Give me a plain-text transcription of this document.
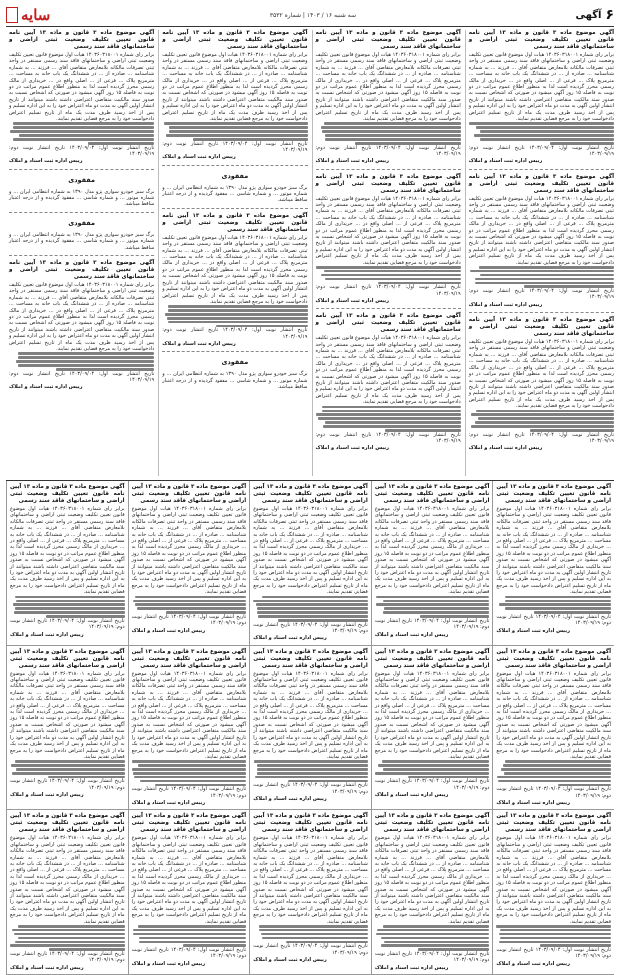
۶
آگهی
سه شنبه ۱۶ / ۱۴۰۳ | شماره ۳۵۳۲
سایه
آگهی موضوع ماده ۳ قانون و ماده ۱۳ آیین نامه قانون تعیین تکلیف وضعیت ثبتی اراضی و ساختمانهای فاقد سند رسمی
برابر رای شماره ۱۴۰۳۶۰۳۱۸۰۰۱ هیات اول موضوع قانون تعیین تکلیف وضعیت ثبتی اراضی و ساختمانهای فاقد سند رسمی مستقر در واحد ثبتی تصرفات مالکانه بلامعارض متقاضی آقای ... فرزند ... به شماره شناسنامه ... صادره از ... در ششدانگ یک باب خانه به مساحت ... مترمربع پلاک ... فرعی از ... اصلی واقع در ... خریداری از مالک رسمی محرز گردیده است لذا به منظور اطلاع عموم مراتب در دو نوبت به فاصله ۱۵ روز آگهی میشود در صورتی که اشخاص نسبت به صدور سند مالکیت متقاضی اعتراضی داشته باشند میتوانند از تاریخ انتشار اولین آگهی به مدت دو ماه اعتراض خود را به این اداره تسلیم و پس از اخذ رسید ظرف مدت یک ماه از تاریخ تسلیم اعتراض دادخواست خود را به مرجع قضایی تقدیم نمایند.
تاریخ انتشار نوبت اول: ۱۴۰۳/۰۹/۰۴ تاریخ انتشار نوبت دوم: ۱۴۰۳/۰۹/۱۹
رییس اداره ثبت اسناد و املاک
آگهی موضوع ماده ۳ قانون و ماده ۱۳ آیین نامه قانون تعیین تکلیف وضعیت ثبتی اراضی و ساختمانهای فاقد سند رسمی
برابر رای شماره ۱۴۰۳۶۰۳۱۸۰۰۱ هیات اول موضوع قانون تعیین تکلیف وضعیت ثبتی اراضی و ساختمانهای فاقد سند رسمی مستقر در واحد ثبتی تصرفات مالکانه بلامعارض متقاضی آقای ... فرزند ... به شماره شناسنامه ... صادره از ... در ششدانگ یک باب خانه به مساحت ... مترمربع پلاک ... فرعی از ... اصلی واقع در ... خریداری از مالک رسمی محرز گردیده است لذا به منظور اطلاع عموم مراتب در دو نوبت به فاصله ۱۵ روز آگهی میشود در صورتی که اشخاص نسبت به صدور سند مالکیت متقاضی اعتراضی داشته باشند میتوانند از تاریخ انتشار اولین آگهی به مدت دو ماه اعتراض خود را به این اداره تسلیم و پس از اخذ رسید ظرف مدت یک ماه از تاریخ تسلیم اعتراض دادخواست خود را به مرجع قضایی تقدیم نمایند.
تاریخ انتشار نوبت اول: ۱۴۰۳/۰۹/۰۴ تاریخ انتشار نوبت دوم: ۱۴۰۳/۰۹/۱۹
رییس اداره ثبت اسناد و املاک
آگهی موضوع ماده ۳ قانون و ماده ۱۳ آیین نامه قانون تعیین تکلیف وضعیت ثبتی اراضی و ساختمانهای فاقد سند رسمی
برابر رای شماره ۱۴۰۳۶۰۳۱۸۰۰۱ هیات اول موضوع قانون تعیین تکلیف وضعیت ثبتی اراضی و ساختمانهای فاقد سند رسمی مستقر در واحد ثبتی تصرفات مالکانه بلامعارض متقاضی آقای ... فرزند ... به شماره شناسنامه ... صادره از ... در ششدانگ یک باب خانه به مساحت ... مترمربع پلاک ... فرعی از ... اصلی واقع در ... خریداری از مالک رسمی محرز گردیده است لذا به منظور اطلاع عموم مراتب در دو نوبت به فاصله ۱۵ روز آگهی میشود در صورتی که اشخاص نسبت به صدور سند مالکیت متقاضی اعتراضی داشته باشند میتوانند از تاریخ انتشار اولین آگهی به مدت دو ماه اعتراض خود را به این اداره تسلیم و پس از اخذ رسید ظرف مدت یک ماه از تاریخ تسلیم اعتراض دادخواست خود را به مرجع قضایی تقدیم نمایند.
تاریخ انتشار نوبت اول: ۱۴۰۳/۰۹/۰۴ تاریخ انتشار نوبت دوم: ۱۴۰۳/۰۹/۱۹
رییس اداره ثبت اسناد و املاک
آگهی موضوع ماده ۳ قانون و ماده ۱۳ آیین نامه قانون تعیین تکلیف وضعیت ثبتی اراضی و ساختمانهای فاقد سند رسمی
برابر رای شماره ۱۴۰۳۶۰۳۱۸۰۰۱ هیات اول موضوع قانون تعیین تکلیف وضعیت ثبتی اراضی و ساختمانهای فاقد سند رسمی مستقر در واحد ثبتی تصرفات مالکانه بلامعارض متقاضی آقای ... فرزند ... به شماره شناسنامه ... صادره از ... در ششدانگ یک باب خانه به مساحت ... مترمربع پلاک ... فرعی از ... اصلی واقع در ... خریداری از مالک رسمی محرز گردیده است لذا به منظور اطلاع عموم مراتب در دو نوبت به فاصله ۱۵ روز آگهی میشود در صورتی که اشخاص نسبت به صدور سند مالکیت متقاضی اعتراضی داشته باشند میتوانند از تاریخ انتشار اولین آگهی به مدت دو ماه اعتراض خود را به این اداره تسلیم و پس از اخذ رسید ظرف مدت یک ماه از تاریخ تسلیم اعتراض دادخواست خود را به مرجع قضایی تقدیم نمایند.
تاریخ انتشار نوبت اول: ۱۴۰۳/۰۹/۰۴ تاریخ انتشار نوبت دوم: ۱۴۰۳/۰۹/۱۹
رییس اداره ثبت اسناد و املاک
آگهی موضوع ماده ۳ قانون و ماده ۱۳ آیین نامه قانون تعیین تکلیف وضعیت ثبتی اراضی و ساختمانهای فاقد سند رسمی
برابر رای شماره ۱۴۰۳۶۰۳۱۸۰۰۱ هیات اول موضوع قانون تعیین تکلیف وضعیت ثبتی اراضی و ساختمانهای فاقد سند رسمی مستقر در واحد ثبتی تصرفات مالکانه بلامعارض متقاضی آقای ... فرزند ... به شماره شناسنامه ... صادره از ... در ششدانگ یک باب خانه به مساحت ... مترمربع پلاک ... فرعی از ... اصلی واقع در ... خریداری از مالک رسمی محرز گردیده است لذا به منظور اطلاع عموم مراتب در دو نوبت به فاصله ۱۵ روز آگهی میشود در صورتی که اشخاص نسبت به صدور سند مالکیت متقاضی اعتراضی داشته باشند میتوانند از تاریخ انتشار اولین آگهی به مدت دو ماه اعتراض خود را به این اداره تسلیم و پس از اخذ رسید ظرف مدت یک ماه از تاریخ تسلیم اعتراض دادخواست خود را به مرجع قضایی تقدیم نمایند.
تاریخ انتشار نوبت اول: ۱۴۰۳/۰۹/۰۴ تاریخ انتشار نوبت دوم: ۱۴۰۳/۰۹/۱۹
رییس اداره ثبت اسناد و املاک
آگهی موضوع ماده ۳ قانون و ماده ۱۳ آیین نامه قانون تعیین تکلیف وضعیت ثبتی اراضی و ساختمانهای فاقد سند رسمی
برابر رای شماره ۱۴۰۳۶۰۳۱۸۰۰۱ هیات اول موضوع قانون تعیین تکلیف وضعیت ثبتی اراضی و ساختمانهای فاقد سند رسمی مستقر در واحد ثبتی تصرفات مالکانه بلامعارض متقاضی آقای ... فرزند ... به شماره شناسنامه ... صادره از ... در ششدانگ یک باب خانه به مساحت ... مترمربع پلاک ... فرعی از ... اصلی واقع در ... خریداری از مالک رسمی محرز گردیده است لذا به منظور اطلاع عموم مراتب در دو نوبت به فاصله ۱۵ روز آگهی میشود در صورتی که اشخاص نسبت به صدور سند مالکیت متقاضی اعتراضی داشته باشند میتوانند از تاریخ انتشار اولین آگهی به مدت دو ماه اعتراض خود را به این اداره تسلیم و پس از اخذ رسید ظرف مدت یک ماه از تاریخ تسلیم اعتراض دادخواست خود را به مرجع قضایی تقدیم نمایند.
تاریخ انتشار نوبت اول: ۱۴۰۳/۰۹/۰۴ تاریخ انتشار نوبت دوم: ۱۴۰۳/۰۹/۱۹
رییس اداره ثبت اسناد و املاک
آگهی موضوع ماده ۳ قانون و ماده ۱۳ آیین نامه قانون تعیین تکلیف وضعیت ثبتی اراضی و ساختمانهای فاقد سند رسمی
برابر رای شماره ۱۴۰۳۶۰۳۱۸۰۰۱ هیات اول موضوع قانون تعیین تکلیف وضعیت ثبتی اراضی و ساختمانهای فاقد سند رسمی مستقر در واحد ثبتی تصرفات مالکانه بلامعارض متقاضی آقای ... فرزند ... به شماره شناسنامه ... صادره از ... در ششدانگ یک باب خانه به مساحت ... مترمربع پلاک ... فرعی از ... اصلی واقع در ... خریداری از مالک رسمی محرز گردیده است لذا به منظور اطلاع عموم مراتب در دو نوبت به فاصله ۱۵ روز آگهی میشود در صورتی که اشخاص نسبت به صدور سند مالکیت متقاضی اعتراضی داشته باشند میتوانند از تاریخ انتشار اولین آگهی به مدت دو ماه اعتراض خود را به این اداره تسلیم و پس از اخذ رسید ظرف مدت یک ماه از تاریخ تسلیم اعتراض دادخواست خود را به مرجع قضایی تقدیم نمایند.
تاریخ انتشار نوبت اول: ۱۴۰۳/۰۹/۰۴ تاریخ انتشار نوبت دوم: ۱۴۰۳/۰۹/۱۹
رییس اداره ثبت اسناد و املاک
مفقودی
برگ سبز خودرو سواری پژو مدل ۱۳۹۰ به شماره انتظامی ایران ... و شماره موتور ... و شماره شاسی ... مفقود گردیده و از درجه اعتبار ساقط میباشد.
آگهی موضوع ماده ۳ قانون و ماده ۱۳ آیین نامه قانون تعیین تکلیف وضعیت ثبتی اراضی و ساختمانهای فاقد سند رسمی
برابر رای شماره ۱۴۰۳۶۰۳۱۸۰۰۱ هیات اول موضوع قانون تعیین تکلیف وضعیت ثبتی اراضی و ساختمانهای فاقد سند رسمی مستقر در واحد ثبتی تصرفات مالکانه بلامعارض متقاضی آقای ... فرزند ... به شماره شناسنامه ... صادره از ... در ششدانگ یک باب خانه به مساحت ... مترمربع پلاک ... فرعی از ... اصلی واقع در ... خریداری از مالک رسمی محرز گردیده است لذا به منظور اطلاع عموم مراتب در دو نوبت به فاصله ۱۵ روز آگهی میشود در صورتی که اشخاص نسبت به صدور سند مالکیت متقاضی اعتراضی داشته باشند میتوانند از تاریخ انتشار اولین آگهی به مدت دو ماه اعتراض خود را به این اداره تسلیم و پس از اخذ رسید ظرف مدت یک ماه از تاریخ تسلیم اعتراض دادخواست خود را به مرجع قضایی تقدیم نمایند.
تاریخ انتشار نوبت اول: ۱۴۰۳/۰۹/۰۴ تاریخ انتشار نوبت دوم: ۱۴۰۳/۰۹/۱۹
رییس اداره ثبت اسناد و املاک
مفقودی
برگ سبز خودرو سواری پژو مدل ۱۳۹۰ به شماره انتظامی ایران ... و شماره موتور ... و شماره شاسی ... مفقود گردیده و از درجه اعتبار ساقط میباشد.
آگهی موضوع ماده ۳ قانون و ماده ۱۳ آیین نامه قانون تعیین تکلیف وضعیت ثبتی اراضی و ساختمانهای فاقد سند رسمی
برابر رای شماره ۱۴۰۳۶۰۳۱۸۰۰۱ هیات اول موضوع قانون تعیین تکلیف وضعیت ثبتی اراضی و ساختمانهای فاقد سند رسمی مستقر در واحد ثبتی تصرفات مالکانه بلامعارض متقاضی آقای ... فرزند ... به شماره شناسنامه ... صادره از ... در ششدانگ یک باب خانه به مساحت ... مترمربع پلاک ... فرعی از ... اصلی واقع در ... خریداری از مالک رسمی محرز گردیده است لذا به منظور اطلاع عموم مراتب در دو نوبت به فاصله ۱۵ روز آگهی میشود در صورتی که اشخاص نسبت به صدور سند مالکیت متقاضی اعتراضی داشته باشند میتوانند از تاریخ انتشار اولین آگهی به مدت دو ماه اعتراض خود را به این اداره تسلیم و پس از اخذ رسید ظرف مدت یک ماه از تاریخ تسلیم اعتراض دادخواست خود را به مرجع قضایی تقدیم نمایند.
تاریخ انتشار نوبت اول: ۱۴۰۳/۰۹/۰۴ تاریخ انتشار نوبت دوم: ۱۴۰۳/۰۹/۱۹
رییس اداره ثبت اسناد و املاک
مفقودی
برگ سبز خودرو سواری پژو مدل ۱۳۹۰ به شماره انتظامی ایران ... و شماره موتور ... و شماره شاسی ... مفقود گردیده و از درجه اعتبار ساقط میباشد.
مفقودی
برگ سبز خودرو سواری پژو مدل ۱۳۹۰ به شماره انتظامی ایران ... و شماره موتور ... و شماره شاسی ... مفقود گردیده و از درجه اعتبار ساقط میباشد.
آگهی موضوع ماده ۳ قانون و ماده ۱۳ آیین نامه قانون تعیین تکلیف وضعیت ثبتی اراضی و ساختمانهای فاقد سند رسمی
برابر رای شماره ۱۴۰۳۶۰۳۱۸۰۰۱ هیات اول موضوع قانون تعیین تکلیف وضعیت ثبتی اراضی و ساختمانهای فاقد سند رسمی مستقر در واحد ثبتی تصرفات مالکانه بلامعارض متقاضی آقای ... فرزند ... به شماره شناسنامه ... صادره از ... در ششدانگ یک باب خانه به مساحت ... مترمربع پلاک ... فرعی از ... اصلی واقع در ... خریداری از مالک رسمی محرز گردیده است لذا به منظور اطلاع عموم مراتب در دو نوبت به فاصله ۱۵ روز آگهی میشود در صورتی که اشخاص نسبت به صدور سند مالکیت متقاضی اعتراضی داشته باشند میتوانند از تاریخ انتشار اولین آگهی به مدت دو ماه اعتراض خود را به این اداره تسلیم و پس از اخذ رسید ظرف مدت یک ماه از تاریخ تسلیم اعتراض دادخواست خود را به مرجع قضایی تقدیم نمایند.
تاریخ انتشار نوبت اول: ۱۴۰۳/۰۹/۰۴ تاریخ انتشار نوبت دوم: ۱۴۰۳/۰۹/۱۹
رییس اداره ثبت اسناد و املاک
آگهی موضوع ماده ۳ قانون و ماده ۱۳ آیین نامه قانون تعیین تکلیف وضعیت ثبتی اراضی و ساختمانهای فاقد سند رسمی
برابر رای شماره ۱۴۰۳۶۰۳۱۸۰۰۱ هیات اول موضوع قانون تعیین تکلیف وضعیت ثبتی اراضی و ساختمانهای فاقد سند رسمی مستقر در واحد ثبتی تصرفات مالکانه بلامعارض متقاضی آقای ... فرزند ... به شماره شناسنامه ... صادره از ... در ششدانگ یک باب خانه به مساحت ... مترمربع پلاک ... فرعی از ... اصلی واقع در ... خریداری از مالک رسمی محرز گردیده است لذا به منظور اطلاع عموم مراتب در دو نوبت به فاصله ۱۵ روز آگهی میشود در صورتی که اشخاص نسبت به صدور سند مالکیت متقاضی اعتراضی داشته باشند میتوانند از تاریخ انتشار اولین آگهی به مدت دو ماه اعتراض خود را به این اداره تسلیم و پس از اخذ رسید ظرف مدت یک ماه از تاریخ تسلیم اعتراض دادخواست خود را به مرجع قضایی تقدیم نمایند.
تاریخ انتشار نوبت اول: ۱۴۰۳/۰۹/۰۴ تاریخ انتشار نوبت دوم: ۱۴۰۳/۰۹/۱۹
رییس اداره ثبت اسناد و املاک
آگهی موضوع ماده ۳ قانون و ماده ۱۳ آیین نامه قانون تعیین تکلیف وضعیت ثبتی اراضی و ساختمانهای فاقد سند رسمی
برابر رای شماره ۱۴۰۳۶۰۳۱۸۰۰۱ هیات اول موضوع قانون تعیین تکلیف وضعیت ثبتی اراضی و ساختمانهای فاقد سند رسمی مستقر در واحد ثبتی تصرفات مالکانه بلامعارض متقاضی آقای ... فرزند ... به شماره شناسنامه ... صادره از ... در ششدانگ یک باب خانه به مساحت ... مترمربع پلاک ... فرعی از ... اصلی واقع در ... خریداری از مالک رسمی محرز گردیده است لذا به منظور اطلاع عموم مراتب در دو نوبت به فاصله ۱۵ روز آگهی میشود در صورتی که اشخاص نسبت به صدور سند مالکیت متقاضی اعتراضی داشته باشند میتوانند از تاریخ انتشار اولین آگهی به مدت دو ماه اعتراض خود را به این اداره تسلیم و پس از اخذ رسید ظرف مدت یک ماه از تاریخ تسلیم اعتراض دادخواست خود را به مرجع قضایی تقدیم نمایند.
تاریخ انتشار نوبت اول: ۱۴۰۳/۰۹/۰۴ تاریخ انتشار نوبت دوم: ۱۴۰۳/۰۹/۱۹
رییس اداره ثبت اسناد و املاک
آگهی موضوع ماده ۳ قانون و ماده ۱۳ آیین نامه قانون تعیین تکلیف وضعیت ثبتی اراضی و ساختمانهای فاقد سند رسمی
برابر رای شماره ۱۴۰۳۶۰۳۱۸۰۰۱ هیات اول موضوع قانون تعیین تکلیف وضعیت ثبتی اراضی و ساختمانهای فاقد سند رسمی مستقر در واحد ثبتی تصرفات مالکانه بلامعارض متقاضی آقای ... فرزند ... به شماره شناسنامه ... صادره از ... در ششدانگ یک باب خانه به مساحت ... مترمربع پلاک ... فرعی از ... اصلی واقع در ... خریداری از مالک رسمی محرز گردیده است لذا به منظور اطلاع عموم مراتب در دو نوبت به فاصله ۱۵ روز آگهی میشود در صورتی که اشخاص نسبت به صدور سند مالکیت متقاضی اعتراضی داشته باشند میتوانند از تاریخ انتشار اولین آگهی به مدت دو ماه اعتراض خود را به این اداره تسلیم و پس از اخذ رسید ظرف مدت یک ماه از تاریخ تسلیم اعتراض دادخواست خود را به مرجع قضایی تقدیم نمایند.
تاریخ انتشار نوبت اول: ۱۴۰۳/۰۹/۰۴ تاریخ انتشار نوبت دوم: ۱۴۰۳/۰۹/۱۹
رییس اداره ثبت اسناد و املاک
آگهی موضوع ماده ۳ قانون و ماده ۱۳ آیین نامه قانون تعیین تکلیف وضعیت ثبتی اراضی و ساختمانهای فاقد سند رسمی
برابر رای شماره ۱۴۰۳۶۰۳۱۸۰۰۱ هیات اول موضوع قانون تعیین تکلیف وضعیت ثبتی اراضی و ساختمانهای فاقد سند رسمی مستقر در واحد ثبتی تصرفات مالکانه بلامعارض متقاضی آقای ... فرزند ... به شماره شناسنامه ... صادره از ... در ششدانگ یک باب خانه به مساحت ... مترمربع پلاک ... فرعی از ... اصلی واقع در ... خریداری از مالک رسمی محرز گردیده است لذا به منظور اطلاع عموم مراتب در دو نوبت به فاصله ۱۵ روز آگهی میشود در صورتی که اشخاص نسبت به صدور سند مالکیت متقاضی اعتراضی داشته باشند میتوانند از تاریخ انتشار اولین آگهی به مدت دو ماه اعتراض خود را به این اداره تسلیم و پس از اخذ رسید ظرف مدت یک ماه از تاریخ تسلیم اعتراض دادخواست خود را به مرجع قضایی تقدیم نمایند.
تاریخ انتشار نوبت اول: ۱۴۰۳/۰۹/۰۴ تاریخ انتشار نوبت دوم: ۱۴۰۳/۰۹/۱۹
رییس اداره ثبت اسناد و املاک
آگهی موضوع ماده ۳ قانون و ماده ۱۳ آیین نامه قانون تعیین تکلیف وضعیت ثبتی اراضی و ساختمانهای فاقد سند رسمی
برابر رای شماره ۱۴۰۳۶۰۳۱۸۰۰۱ هیات اول موضوع قانون تعیین تکلیف وضعیت ثبتی اراضی و ساختمانهای فاقد سند رسمی مستقر در واحد ثبتی تصرفات مالکانه بلامعارض متقاضی آقای ... فرزند ... به شماره شناسنامه ... صادره از ... در ششدانگ یک باب خانه به مساحت ... مترمربع پلاک ... فرعی از ... اصلی واقع در ... خریداری از مالک رسمی محرز گردیده است لذا به منظور اطلاع عموم مراتب در دو نوبت به فاصله ۱۵ روز آگهی میشود در صورتی که اشخاص نسبت به صدور سند مالکیت متقاضی اعتراضی داشته باشند میتوانند از تاریخ انتشار اولین آگهی به مدت دو ماه اعتراض خود را به این اداره تسلیم و پس از اخذ رسید ظرف مدت یک ماه از تاریخ تسلیم اعتراض دادخواست خود را به مرجع قضایی تقدیم نمایند.
تاریخ انتشار نوبت اول: ۱۴۰۳/۰۹/۰۴ تاریخ انتشار نوبت دوم: ۱۴۰۳/۰۹/۱۹
رییس اداره ثبت اسناد و املاک
آگهی موضوع ماده ۳ قانون و ماده ۱۳ آیین نامه قانون تعیین تکلیف وضعیت ثبتی اراضی و ساختمانهای فاقد سند رسمی
برابر رای شماره ۱۴۰۳۶۰۳۱۸۰۰۱ هیات اول موضوع قانون تعیین تکلیف وضعیت ثبتی اراضی و ساختمانهای فاقد سند رسمی مستقر در واحد ثبتی تصرفات مالکانه بلامعارض متقاضی آقای ... فرزند ... به شماره شناسنامه ... صادره از ... در ششدانگ یک باب خانه به مساحت ... مترمربع پلاک ... فرعی از ... اصلی واقع در ... خریداری از مالک رسمی محرز گردیده است لذا به منظور اطلاع عموم مراتب در دو نوبت به فاصله ۱۵ روز آگهی میشود در صورتی که اشخاص نسبت به صدور سند مالکیت متقاضی اعتراضی داشته باشند میتوانند از تاریخ انتشار اولین آگهی به مدت دو ماه اعتراض خود را به این اداره تسلیم و پس از اخذ رسید ظرف مدت یک ماه از تاریخ تسلیم اعتراض دادخواست خود را به مرجع قضایی تقدیم نمایند.
تاریخ انتشار نوبت اول: ۱۴۰۳/۰۹/۰۴ تاریخ انتشار نوبت دوم: ۱۴۰۳/۰۹/۱۹
رییس اداره ثبت اسناد و املاک
آگهی موضوع ماده ۳ قانون و ماده ۱۳ آیین نامه قانون تعیین تکلیف وضعیت ثبتی اراضی و ساختمانهای فاقد سند رسمی
برابر رای شماره ۱۴۰۳۶۰۳۱۸۰۰۱ هیات اول موضوع قانون تعیین تکلیف وضعیت ثبتی اراضی و ساختمانهای فاقد سند رسمی مستقر در واحد ثبتی تصرفات مالکانه بلامعارض متقاضی آقای ... فرزند ... به شماره شناسنامه ... صادره از ... در ششدانگ یک باب خانه به مساحت ... مترمربع پلاک ... فرعی از ... اصلی واقع در ... خریداری از مالک رسمی محرز گردیده است لذا به منظور اطلاع عموم مراتب در دو نوبت به فاصله ۱۵ روز آگهی میشود در صورتی که اشخاص نسبت به صدور سند مالکیت متقاضی اعتراضی داشته باشند میتوانند از تاریخ انتشار اولین آگهی به مدت دو ماه اعتراض خود را به این اداره تسلیم و پس از اخذ رسید ظرف مدت یک ماه از تاریخ تسلیم اعتراض دادخواست خود را به مرجع قضایی تقدیم نمایند.
تاریخ انتشار نوبت اول: ۱۴۰۳/۰۹/۰۴ تاریخ انتشار نوبت دوم: ۱۴۰۳/۰۹/۱۹
رییس اداره ثبت اسناد و املاک
آگهی موضوع ماده ۳ قانون و ماده ۱۳ آیین نامه قانون تعیین تکلیف وضعیت ثبتی اراضی و ساختمانهای فاقد سند رسمی
برابر رای شماره ۱۴۰۳۶۰۳۱۸۰۰۱ هیات اول موضوع قانون تعیین تکلیف وضعیت ثبتی اراضی و ساختمانهای فاقد سند رسمی مستقر در واحد ثبتی تصرفات مالکانه بلامعارض متقاضی آقای ... فرزند ... به شماره شناسنامه ... صادره از ... در ششدانگ یک باب خانه به مساحت ... مترمربع پلاک ... فرعی از ... اصلی واقع در ... خریداری از مالک رسمی محرز گردیده است لذا به منظور اطلاع عموم مراتب در دو نوبت به فاصله ۱۵ روز آگهی میشود در صورتی که اشخاص نسبت به صدور سند مالکیت متقاضی اعتراضی داشته باشند میتوانند از تاریخ انتشار اولین آگهی به مدت دو ماه اعتراض خود را به این اداره تسلیم و پس از اخذ رسید ظرف مدت یک ماه از تاریخ تسلیم اعتراض دادخواست خود را به مرجع قضایی تقدیم نمایند.
تاریخ انتشار نوبت اول: ۱۴۰۳/۰۹/۰۴ تاریخ انتشار نوبت دوم: ۱۴۰۳/۰۹/۱۹
رییس اداره ثبت اسناد و املاک
آگهی موضوع ماده ۳ قانون و ماده ۱۳ آیین نامه قانون تعیین تکلیف وضعیت ثبتی اراضی و ساختمانهای فاقد سند رسمی
برابر رای شماره ۱۴۰۳۶۰۳۱۸۰۰۱ هیات اول موضوع قانون تعیین تکلیف وضعیت ثبتی اراضی و ساختمانهای فاقد سند رسمی مستقر در واحد ثبتی تصرفات مالکانه بلامعارض متقاضی آقای ... فرزند ... به شماره شناسنامه ... صادره از ... در ششدانگ یک باب خانه به مساحت ... مترمربع پلاک ... فرعی از ... اصلی واقع در ... خریداری از مالک رسمی محرز گردیده است لذا به منظور اطلاع عموم مراتب در دو نوبت به فاصله ۱۵ روز آگهی میشود در صورتی که اشخاص نسبت به صدور سند مالکیت متقاضی اعتراضی داشته باشند میتوانند از تاریخ انتشار اولین آگهی به مدت دو ماه اعتراض خود را به این اداره تسلیم و پس از اخذ رسید ظرف مدت یک ماه از تاریخ تسلیم اعتراض دادخواست خود را به مرجع قضایی تقدیم نمایند.
تاریخ انتشار نوبت اول: ۱۴۰۳/۰۹/۰۴ تاریخ انتشار نوبت دوم: ۱۴۰۳/۰۹/۱۹
رییس اداره ثبت اسناد و املاک
آگهی موضوع ماده ۳ قانون و ماده ۱۳ آیین نامه قانون تعیین تکلیف وضعیت ثبتی اراضی و ساختمانهای فاقد سند رسمی
برابر رای شماره ۱۴۰۳۶۰۳۱۸۰۰۱ هیات اول موضوع قانون تعیین تکلیف وضعیت ثبتی اراضی و ساختمانهای فاقد سند رسمی مستقر در واحد ثبتی تصرفات مالکانه بلامعارض متقاضی آقای ... فرزند ... به شماره شناسنامه ... صادره از ... در ششدانگ یک باب خانه به مساحت ... مترمربع پلاک ... فرعی از ... اصلی واقع در ... خریداری از مالک رسمی محرز گردیده است لذا به منظور اطلاع عموم مراتب در دو نوبت به فاصله ۱۵ روز آگهی میشود در صورتی که اشخاص نسبت به صدور سند مالکیت متقاضی اعتراضی داشته باشند میتوانند از تاریخ انتشار اولین آگهی به مدت دو ماه اعتراض خود را به این اداره تسلیم و پس از اخذ رسید ظرف مدت یک ماه از تاریخ تسلیم اعتراض دادخواست خود را به مرجع قضایی تقدیم نمایند.
تاریخ انتشار نوبت اول: ۱۴۰۳/۰۹/۰۴ تاریخ انتشار نوبت دوم: ۱۴۰۳/۰۹/۱۹
رییس اداره ثبت اسناد و املاک
آگهی موضوع ماده ۳ قانون و ماده ۱۳ آیین نامه قانون تعیین تکلیف وضعیت ثبتی اراضی و ساختمانهای فاقد سند رسمی
برابر رای شماره ۱۴۰۳۶۰۳۱۸۰۰۱ هیات اول موضوع قانون تعیین تکلیف وضعیت ثبتی اراضی و ساختمانهای فاقد سند رسمی مستقر در واحد ثبتی تصرفات مالکانه بلامعارض متقاضی آقای ... فرزند ... به شماره شناسنامه ... صادره از ... در ششدانگ یک باب خانه به مساحت ... مترمربع پلاک ... فرعی از ... اصلی واقع در ... خریداری از مالک رسمی محرز گردیده است لذا به منظور اطلاع عموم مراتب در دو نوبت به فاصله ۱۵ روز آگهی میشود در صورتی که اشخاص نسبت به صدور سند مالکیت متقاضی اعتراضی داشته باشند میتوانند از تاریخ انتشار اولین آگهی به مدت دو ماه اعتراض خود را به این اداره تسلیم و پس از اخذ رسید ظرف مدت یک ماه از تاریخ تسلیم اعتراض دادخواست خود را به مرجع قضایی تقدیم نمایند.
تاریخ انتشار نوبت اول: ۱۴۰۳/۰۹/۰۴ تاریخ انتشار نوبت دوم: ۱۴۰۳/۰۹/۱۹
رییس اداره ثبت اسناد و املاک
آگهی موضوع ماده ۳ قانون و ماده ۱۳ آیین نامه قانون تعیین تکلیف وضعیت ثبتی اراضی و ساختمانهای فاقد سند رسمی
برابر رای شماره ۱۴۰۳۶۰۳۱۸۰۰۱ هیات اول موضوع قانون تعیین تکلیف وضعیت ثبتی اراضی و ساختمانهای فاقد سند رسمی مستقر در واحد ثبتی تصرفات مالکانه بلامعارض متقاضی آقای ... فرزند ... به شماره شناسنامه ... صادره از ... در ششدانگ یک باب خانه به مساحت ... مترمربع پلاک ... فرعی از ... اصلی واقع در ... خریداری از مالک رسمی محرز گردیده است لذا به منظور اطلاع عموم مراتب در دو نوبت به فاصله ۱۵ روز آگهی میشود در صورتی که اشخاص نسبت به صدور سند مالکیت متقاضی اعتراضی داشته باشند میتوانند از تاریخ انتشار اولین آگهی به مدت دو ماه اعتراض خود را به این اداره تسلیم و پس از اخذ رسید ظرف مدت یک ماه از تاریخ تسلیم اعتراض دادخواست خود را به مرجع قضایی تقدیم نمایند.
تاریخ انتشار نوبت اول: ۱۴۰۳/۰۹/۰۴ تاریخ انتشار نوبت دوم: ۱۴۰۳/۰۹/۱۹
رییس اداره ثبت اسناد و املاک
آگهی موضوع ماده ۳ قانون و ماده ۱۳ آیین نامه قانون تعیین تکلیف وضعیت ثبتی اراضی و ساختمانهای فاقد سند رسمی
برابر رای شماره ۱۴۰۳۶۰۳۱۸۰۰۱ هیات اول موضوع قانون تعیین تکلیف وضعیت ثبتی اراضی و ساختمانهای فاقد سند رسمی مستقر در واحد ثبتی تصرفات مالکانه بلامعارض متقاضی آقای ... فرزند ... به شماره شناسنامه ... صادره از ... در ششدانگ یک باب خانه به مساحت ... مترمربع پلاک ... فرعی از ... اصلی واقع در ... خریداری از مالک رسمی محرز گردیده است لذا به منظور اطلاع عموم مراتب در دو نوبت به فاصله ۱۵ روز آگهی میشود در صورتی که اشخاص نسبت به صدور سند مالکیت متقاضی اعتراضی داشته باشند میتوانند از تاریخ انتشار اولین آگهی به مدت دو ماه اعتراض خود را به این اداره تسلیم و پس از اخذ رسید ظرف مدت یک ماه از تاریخ تسلیم اعتراض دادخواست خود را به مرجع قضایی تقدیم نمایند.
تاریخ انتشار نوبت اول: ۱۴۰۳/۰۹/۰۴ تاریخ انتشار نوبت دوم: ۱۴۰۳/۰۹/۱۹
رییس اداره ثبت اسناد و املاک
آگهی موضوع ماده ۳ قانون و ماده ۱۳ آیین نامه قانون تعیین تکلیف وضعیت ثبتی اراضی و ساختمانهای فاقد سند رسمی
برابر رای شماره ۱۴۰۳۶۰۳۱۸۰۰۱ هیات اول موضوع قانون تعیین تکلیف وضعیت ثبتی اراضی و ساختمانهای فاقد سند رسمی مستقر در واحد ثبتی تصرفات مالکانه بلامعارض متقاضی آقای ... فرزند ... به شماره شناسنامه ... صادره از ... در ششدانگ یک باب خانه به مساحت ... مترمربع پلاک ... فرعی از ... اصلی واقع در ... خریداری از مالک رسمی محرز گردیده است لذا به منظور اطلاع عموم مراتب در دو نوبت به فاصله ۱۵ روز آگهی میشود در صورتی که اشخاص نسبت به صدور سند مالکیت متقاضی اعتراضی داشته باشند میتوانند از تاریخ انتشار اولین آگهی به مدت دو ماه اعتراض خود را به این اداره تسلیم و پس از اخذ رسید ظرف مدت یک ماه از تاریخ تسلیم اعتراض دادخواست خود را به مرجع قضایی تقدیم نمایند.
تاریخ انتشار نوبت اول: ۱۴۰۳/۰۹/۰۴ تاریخ انتشار نوبت دوم: ۱۴۰۳/۰۹/۱۹
رییس اداره ثبت اسناد و املاک
آگهی موضوع ماده ۳ قانون و ماده ۱۳ آیین نامه قانون تعیین تکلیف وضعیت ثبتی اراضی و ساختمانهای فاقد سند رسمی
برابر رای شماره ۱۴۰۳۶۰۳۱۸۰۰۱ هیات اول موضوع قانون تعیین تکلیف وضعیت ثبتی اراضی و ساختمانهای فاقد سند رسمی مستقر در واحد ثبتی تصرفات مالکانه بلامعارض متقاضی آقای ... فرزند ... به شماره شناسنامه ... صادره از ... در ششدانگ یک باب خانه به مساحت ... مترمربع پلاک ... فرعی از ... اصلی واقع در ... خریداری از مالک رسمی محرز گردیده است لذا به منظور اطلاع عموم مراتب در دو نوبت به فاصله ۱۵ روز آگهی میشود در صورتی که اشخاص نسبت به صدور سند مالکیت متقاضی اعتراضی داشته باشند میتوانند از تاریخ انتشار اولین آگهی به مدت دو ماه اعتراض خود را به این اداره تسلیم و پس از اخذ رسید ظرف مدت یک ماه از تاریخ تسلیم اعتراض دادخواست خود را به مرجع قضایی تقدیم نمایند.
تاریخ انتشار نوبت اول: ۱۴۰۳/۰۹/۰۴ تاریخ انتشار نوبت دوم: ۱۴۰۳/۰۹/۱۹
رییس اداره ثبت اسناد و املاک
